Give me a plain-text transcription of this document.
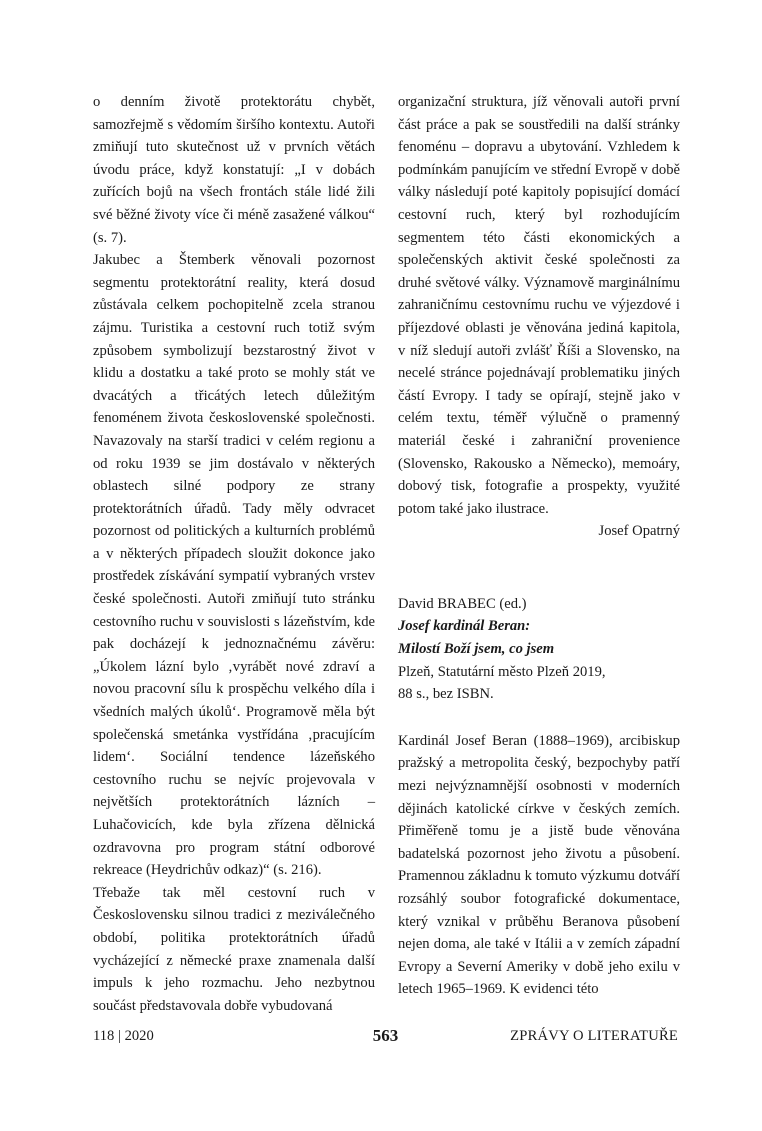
o denním životě protektorátu chybět, samozřejmě s vědomím širšího kontextu. Autoři zmiňují tuto skutečnost už v prvních větách úvodu práce, když konstatují: „I v dobách zuřících bojů na všech frontách stále lidé žili své běžné životy více či méně zasažené válkou“ (s. 7).

Jakubec a Štemberk věnovali pozornost segmentu protektorátní reality, která dosud zůstávala celkem pochopitelně zcela stranou zájmu. Turistika a cestovní ruch totiž svým způsobem symbolizují bezstarostný život v klidu a dostatku a také proto se mohly stát ve dvacátých a třicátých letech důležitým fenoménem života československé společnosti. Navazovaly na starší tradici v celém regionu a od roku 1939 se jim dostávalo v některých oblastech silné podpory ze strany protektorátních úřadů. Tady měly odvracet pozornost od politických a kulturních problémů a v některých případech sloužit dokonce jako prostředek získávání sympatií vybraných vrstev české společnosti. Autoři zmiňují tuto stránku cestovního ruchu v souvislosti s lázeňstvím, kde pak docházejí k jednoznačnému závěru: „Úkolem lázní bylo ‚vyrábět nové zdraví a novou pracovní sílu k prospěchu velkého díla i všedních malých úkolů‘. Programově měla být společenská smetánka vystřídána ‚pracujícím lidem‘. Sociální tendence lázeňského cestovního ruchu se nejvíc projevovala v největších protektorátních lázních – Luhačovicích, kde byla zřízena dělnická ozdravovna pro program státní odborové rekreace (Heydrichův odkaz)“ (s. 216).

Třebaže tak měl cestovní ruch v Československu silnou tradici z meziválečného období, politika protektorátních úřadů vycházející z německé praxe znamenala další impuls k jeho rozmachu. Jeho nezbytnou součást představovala dobře vybudovaná

organizační struktura, jíž věnovali autoři první část práce a pak se soustředili na další stránky fenoménu – dopravu a ubytování. Vzhledem k podmínkám panujícím ve střední Evropě v době války následují poté kapitoly popisující domácí cestovní ruch, který byl rozhodujícím segmentem této části ekonomických a společenských aktivit české společnosti za druhé světové války. Významově marginálnímu zahraničnímu cestovnímu ruchu ve výjezdové i příjezdové oblasti je věnována jediná kapitola, v níž sledují autoři zvlášť Říši a Slovensko, na necelé stránce pojednávají problematiku jiných částí Evropy. I tady se opírají, stejně jako v celém textu, téměř výlučně o pramenný materiál české i zahraniční provenience (Slovensko, Rakousko a Německo), memoáry, dobový tisk, fotografie a prospekty, využité potom také jako ilustrace.

Josef Opatrný

David BRABEC (ed.)

Josef kardinál Beran:

Milostí Boží jsem, co jsem

Plzeň, Statutární město Plzeň 2019,

88 s., bez ISBN.

Kardinál Josef Beran (1888–1969), arcibiskup pražský a metropolita český, bezpochyby patří mezi nejvýznamnější osobnosti v moderních dějinách katolické církve v českých zemích. Přiměřeně tomu je a jistě bude věnována badatelská pozornost jeho životu a působení. Pramennou základnu k tomuto výzkumu dotváří rozsáhlý soubor fotografické dokumentace, který vznikal v průběhu Beranova působení nejen doma, ale také v Itálii a v zemích západní Evropy a Severní Ameriky v době jeho exilu v letech 1965–1969. K evidenci této

118 | 2020	563	ZPRÁVY O LITERATUŘE
